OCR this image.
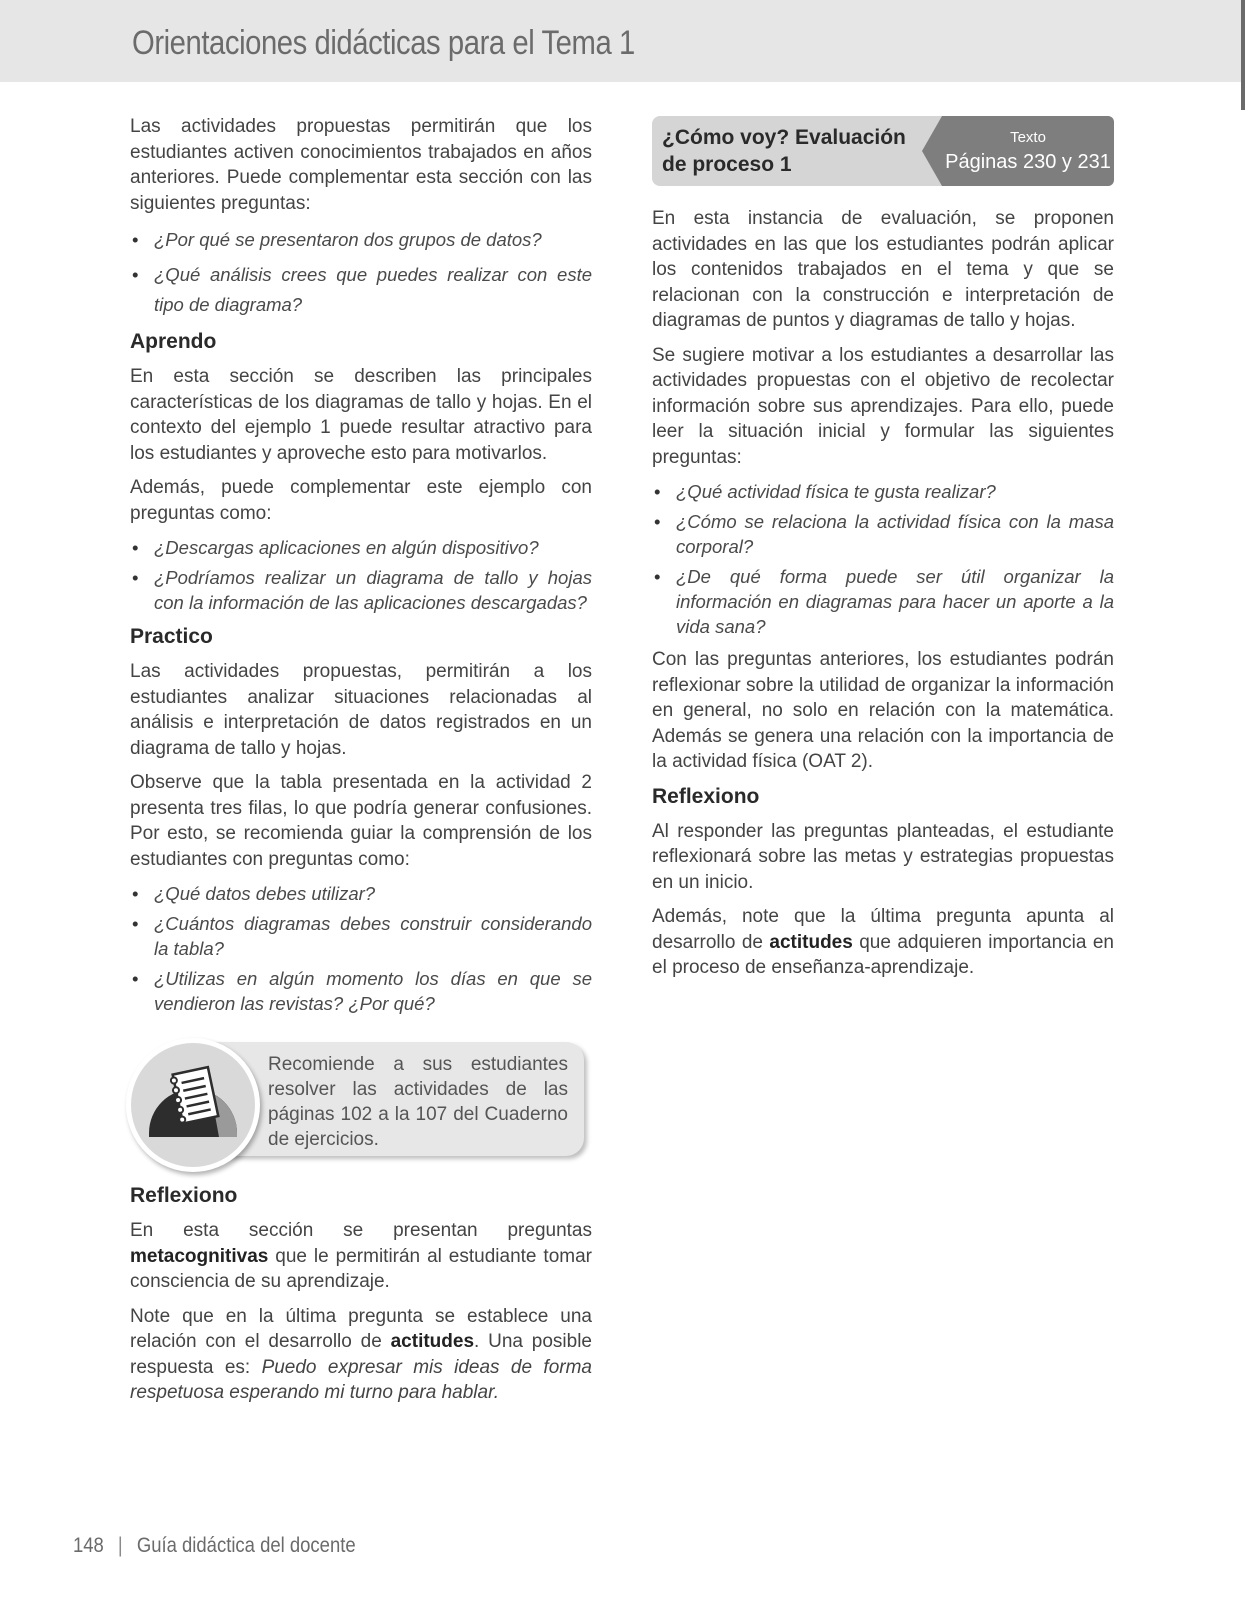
Orientaciones didácticas para el Tema 1

Las actividades propuestas permitirán que los estudiantes activen conocimientos trabajados en años anteriores. Puede complementar esta sección con las siguientes preguntas:

• ¿Por qué se presentaron dos grupos de datos?
• ¿Qué análisis crees que puedes realizar con este tipo de diagrama?
Aprendo

En esta sección se describen las principales características de los diagramas de tallo y hojas. En el contexto del ejemplo 1 puede resultar atractivo para los estudiantes y aproveche esto para motivarlos.

Además, puede complementar este ejemplo con preguntas como:

• ¿Descargas aplicaciones en algún dispositivo?
• ¿Podríamos realizar un diagrama de tallo y hojas con la información de las aplicaciones descargadas?
Practico

Las actividades propuestas, permitirán a los estudiantes analizar situaciones relacionadas al análisis e interpretación de datos registrados en un diagrama de tallo y hojas.

Observe que la tabla presentada en la actividad 2 presenta tres filas, lo que podría generar confusiones. Por esto, se recomienda guiar la comprensión de los estudiantes con preguntas como:

• ¿Qué datos debes utilizar?
• ¿Cuántos diagramas debes construir considerando la tabla?
• ¿Utilizas en algún momento los días en que se vendieron las revistas? ¿Por qué?
Recomiende a sus estudiantes resolver las actividades de las páginas 102 a la 107 del Cuaderno de ejercicios.
Reflexiono

En esta sección se presentan preguntas metacognitivas que le permitirán al estudiante tomar consciencia de su aprendizaje.

Note que en la última pregunta se establece una relación con el desarrollo de actitudes. Una posible respuesta es: Puedo expresar mis ideas de forma respetuosa esperando mi turno para hablar.

¿Cómo voy? Evaluación de proceso 1
Texto
Páginas 230 y 231

En esta instancia de evaluación, se proponen actividades en las que los estudiantes podrán aplicar los contenidos trabajados en el tema y que se relacionan con la construcción e interpretación de diagramas de puntos y diagramas de tallo y hojas.

Se sugiere motivar a los estudiantes a desarrollar las actividades propuestas con el objetivo de recolectar información sobre sus aprendizajes. Para ello, puede leer la situación inicial y formular las siguientes preguntas:

• ¿Qué actividad física te gusta realizar?
• ¿Cómo se relaciona la actividad física con la masa corporal?
• ¿De qué forma puede ser útil organizar la información en diagramas para hacer un aporte a la vida sana?

Con las preguntas anteriores, los estudiantes podrán reflexionar sobre la utilidad de organizar la información en general, no solo en relación con la matemática. Además se genera una relación con la importancia de la actividad física (OAT 2).

Reflexiono

Al responder las preguntas planteadas, el estudiante reflexionará sobre las metas y estrategias propuestas en un inicio.

Además, note que la última pregunta apunta al desarrollo de actitudes que adquieren importancia en el proceso de enseñanza-aprendizaje.

148 | Guía didáctica del docente
